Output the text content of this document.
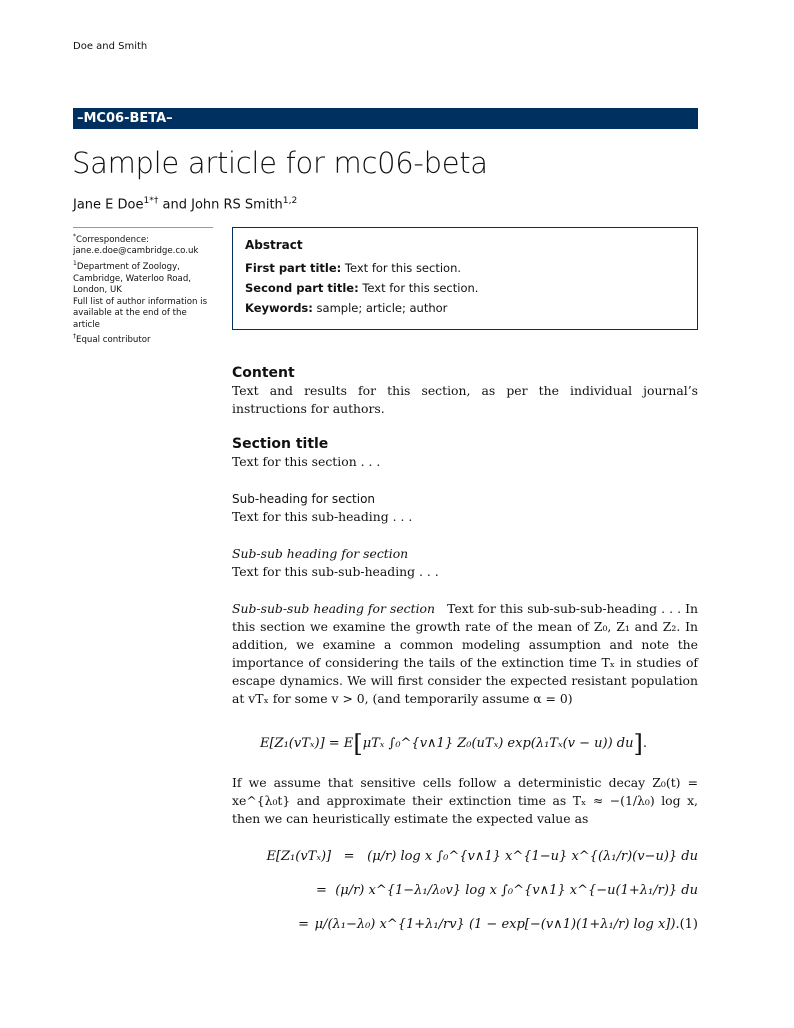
Doe and Smith
–MC06-BETA–
Sample article for mc06-beta
Jane E Doe$^{1*\dagger}$ and John RS Smith$^{1,2}$
*Correspondence:
jane.e.doe@cambridge.co.uk
$^1$Department of Zoology, Cambridge, Waterloo Road, London, UK
Full list of author information is available at the end of the article
†Equal contributor
Abstract

First part title: Text for this section.

Second part title: Text for this section.

Keywords: sample; article; author

Content

Text and results for this section, as per the individual journal’s instructions for authors.

Section title

Text for this section . . .

Sub-heading for section

Text for this sub-heading . . .

Sub-sub heading for section

Text for this sub-sub-heading . . .

Sub-sub-sub heading for section Text for this sub-sub-sub-heading . . . In this section we examine the growth rate of the mean of Z₀, Z₁ and Z₂. In addition, we examine a common modeling assumption and note the importance of considering the tails of the extinction time Tₓ in studies of escape dynamics. We will first consider the expected resistant population at vTₓ for some v > 0, (and temporarily assume α = 0)

E[Z₁(vTₓ)] = E [ μTₓ ∫₀^{v∧1} Z₀(uTₓ) exp(λ₁Tₓ(v − u)) du ] .

If we assume that sensitive cells follow a deterministic decay Z₀(t) = xe^{λ₀t} and approximate their extinction time as Tₓ ≈ −(1/λ₀) log x, then we can heuristically estimate the expected value as

E[Z₁(vTₓ)] = (μ/r) log x ∫₀^{v∧1} x^{1−u} x^{(λ₁/r)(v−u)} du
= (μ/r) x^{1−λ₁/λ₀v} log x ∫₀^{v∧1} x^{−u(1+λ₁/r)} du
= μ/(λ₁−λ₀) x^{1+λ₁/rv} (1 − exp[−(v∧1)(1+λ₁/r) log x]). (1)
